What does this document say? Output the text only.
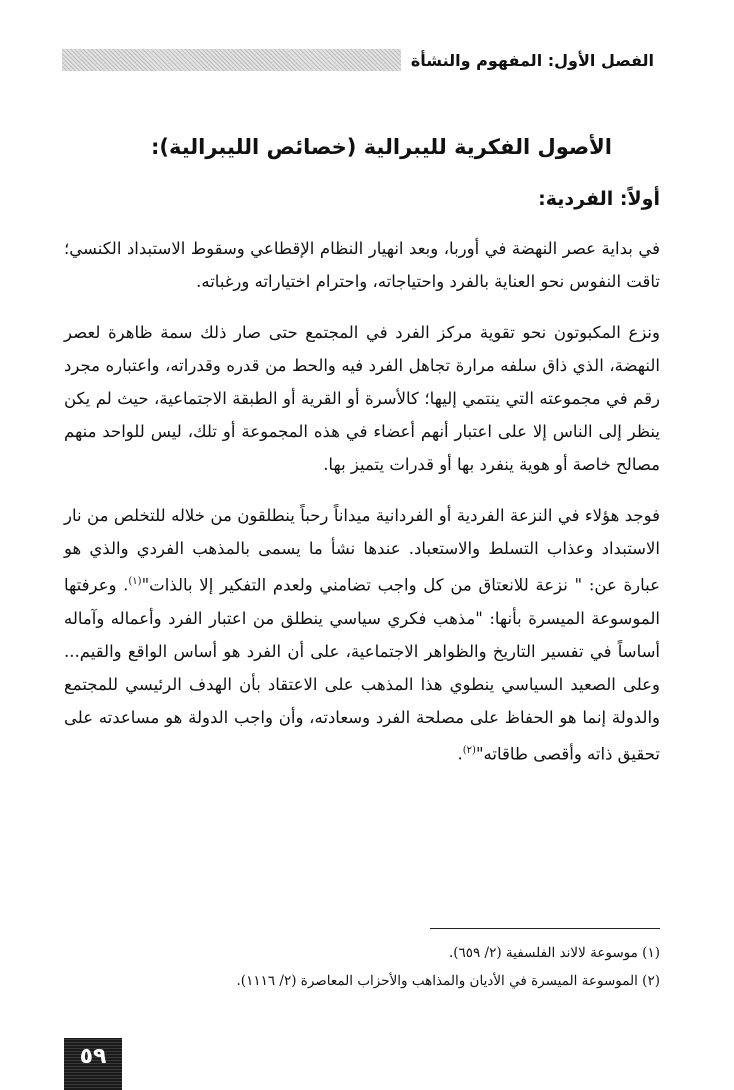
الفصل الأول: المفهوم والنشأة
الأصول الفكرية لليبرالية (خصائص الليبرالية):
أولاً: الفردية:

في بداية عصر النهضة في أوربا، وبعد انهيار النظام الإقطاعي وسقوط الاستبداد الكنسي؛ تاقت النفوس نحو العناية بالفرد واحتياجاته، واحترام اختياراته ورغباته.

ونزع المكبوتون نحو تقوية مركز الفرد في المجتمع حتى صار ذلك سمة ظاهرة لعصر النهضة، الذي ذاق سلفه مرارة تجاهل الفرد فيه والحط من قدره وقدراته، واعتباره مجرد رقم في مجموعته التي ينتمي إليها؛ كالأسرة أو القرية أو الطبقة الاجتماعية، حيث لم يكن ينظر إلى الناس إلا على اعتبار أنهم أعضاء في هذه المجموعة أو تلك، ليس للواحد منهم مصالح خاصة أو هوية ينفرد بها أو قدرات يتميز بها.

فوجد هؤلاء في النزعة الفردية أو الفردانية ميداناً رحباً ينطلقون من خلاله للتخلص من نار الاستبداد وعذاب التسلط والاستعباد. عندها نشأ ما يسمى بالمذهب الفردي والذي هو عبارة عن: " نزعة للانعتاق من كل واجب تضامني ولعدم التفكير إلا بالذات"$^{(١)}$. وعرفتها الموسوعة الميسرة بأنها: "مذهب فكري سياسي ينطلق من اعتبار الفرد وأعماله وآماله أساساً في تفسير التاريخ والظواهر الاجتماعية، على أن الفرد هو أساس الواقع والقيم... وعلى الصعيد السياسي ينطوي هذا المذهب على الاعتقاد بأن الهدف الرئيسي للمجتمع والدولة إنما هو الحفاظ على مصلحة الفرد وسعادته، وأن واجب الدولة هو مساعدته على تحقيق ذاته وأقصى طاقاته"$^{(٢)}$.

(١) موسوعة لالاند الفلسفية (٢/ ٦٥٩).
(٢) الموسوعة الميسرة في الأديان والمذاهب والأحزاب المعاصرة (٢/ ١١١٦).
٥٩
